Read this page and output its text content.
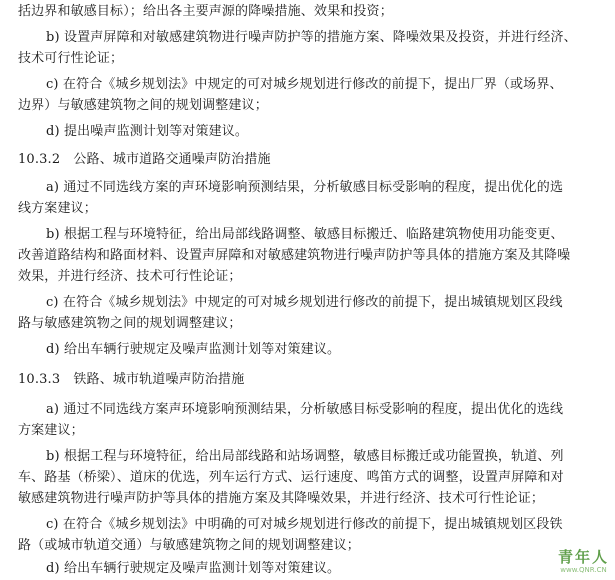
括边界和敏感目标）；给出各主要声源的降噪措施、效果和投资；
b) 设置声屏障和对敏感建筑物进行噪声防护等的措施方案、降噪效果及投资，并进行经济、
技术可行性论证；
c) 在符合《城乡规划法》中规定的可对城乡规划进行修改的前提下，提出厂界（或场界、
边界）与敏感建筑物之间的规划调整建议；
d) 提出噪声监测计划等对策建议。
10.3.2　公路、城市道路交通噪声防治措施
a) 通过不同选线方案的声环境影响预测结果，分析敏感目标受影响的程度，提出优化的选
线方案建议；
b) 根据工程与环境特征，给出局部线路调整、敏感目标搬迁、临路建筑物使用功能变更、
改善道路结构和路面材料、设置声屏障和对敏感建筑物进行噪声防护等具体的措施方案及其降噪
效果，并进行经济、技术可行性论证；
c) 在符合《城乡规划法》中规定的可对城乡规划进行修改的前提下，提出城镇规划区段线
路与敏感建筑物之间的规划调整建议；
d) 给出车辆行驶规定及噪声监测计划等对策建议。
10.3.3　铁路、城市轨道噪声防治措施
a) 通过不同选线方案声环境影响预测结果，分析敏感目标受影响的程度，提出优化的选线
方案建议；
b) 根据工程与环境特征，给出局部线路和站场调整，敏感目标搬迁或功能置换，轨道、列
车、路基（桥梁）、道床的优选，列车运行方式、运行速度、鸣笛方式的调整，设置声屏障和对
敏感建筑物进行噪声防护等具体的措施方案及其降噪效果，并进行经济、技术可行性论证；
c) 在符合《城乡规划法》中明确的可对城乡规划进行修改的前提下，提出城镇规划区段铁
路（或城市轨道交通）与敏感建筑物之间的规划调整建议；
d) 给出车辆行驶规定及噪声监测计划等对策建议。
青年人
www.QNR.CN
